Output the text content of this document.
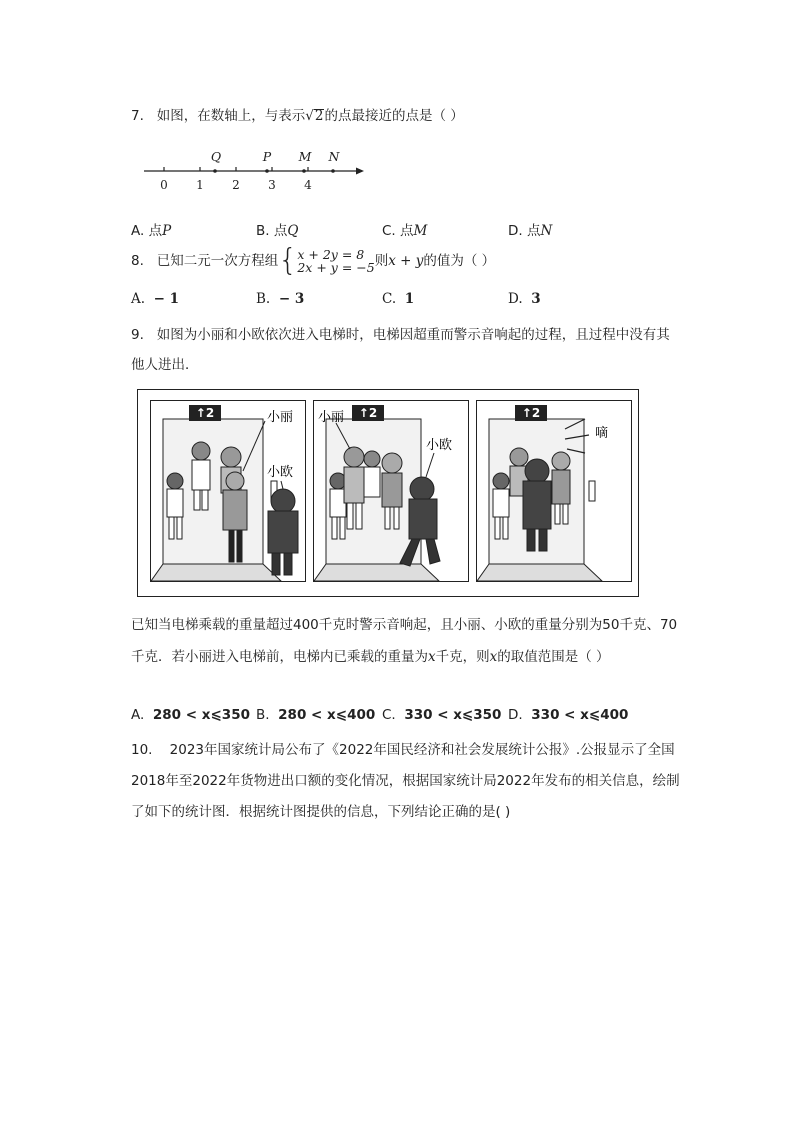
7. 如图，在数轴上，与表示√2的点最接近的点是（ ）
0 1 2 3 4
Q	P M N
A. 点P	B. 点Q	C. 点M	D. 点N
8. 已知二元一次方程组{x + 2y = 8
2x + y = −5则x + y的值为（ ）
A. − 1	B. − 3	C. 1	D. 3
9. 如图为小丽和小欧依次进入电梯时，电梯因超重而警示音响起的过程，且过程中没有其
他人进出．
↑2	小丽
小欧
↑2
小丽
小欧
↑2
嘀
已知当电梯乘载的重量超过400千克时警示音响起，且小丽、小欧的重量分别为50千克、70
千克．若小丽进入电梯前，电梯内已乘载的重量为x千克，则x的取值范围是（ ）
A. 280 < x⩽350 B. 280 < x⩽400 C. 330 < x⩽350 D. 330 < x⩽400
10. 2023年国家统计局公布了《2022年国民经济和社会发展统计公报》.公报显示了全国
2018年至2022年货物进出口额的变化情况，根据国家统计局2022年发布的相关信息，绘制
了如下的统计图．根据统计图提供的信息，下列结论正确的是( )
